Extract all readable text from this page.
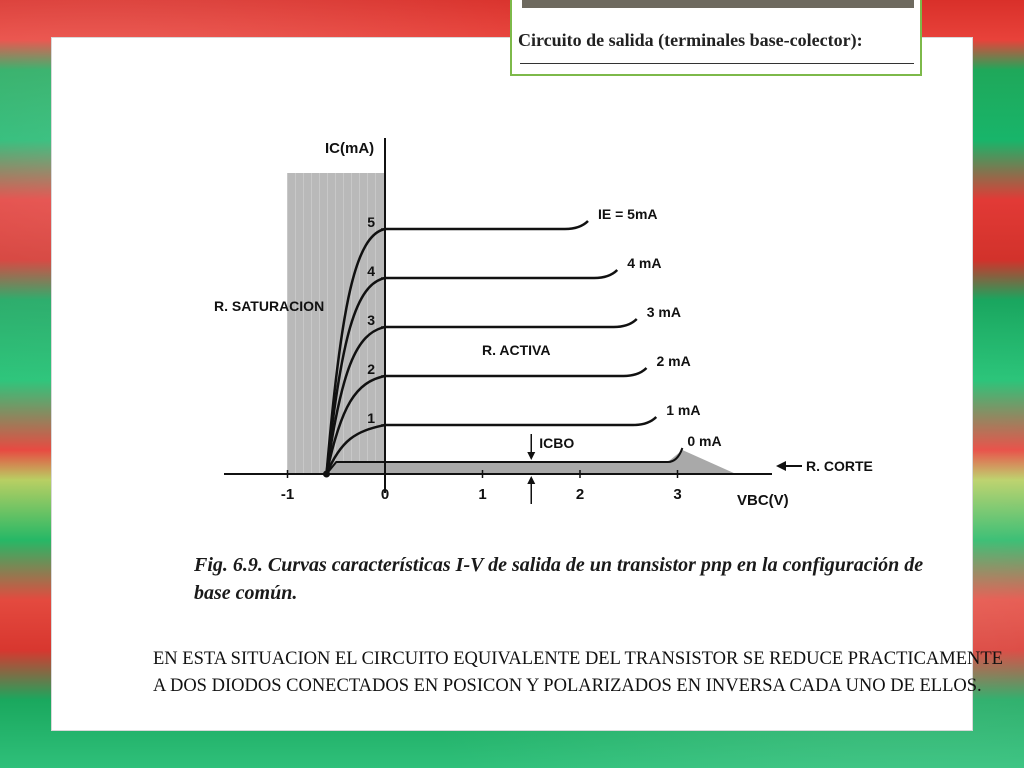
-1	0	1	2	3
1
2
3
4
5
IC(mA)
VBC(V)
IE = 5mA
4 mA
3 mA
2 mA
1 mA
0 mA
R. SATURACION
R. ACTIVA
R. CORTE
ICBO
Fig. 6.9. Curvas características I-V de salida de un transistor pnp en la configuración de base común.
EN ESTA SITUACION EL CIRCUITO EQUIVALENTE DEL TRANSISTOR SE REDUCE PRACTICAMENTE A DOS DIODOS CONECTADOS EN POSICON Y POLARIZADOS EN INVERSA CADA UNO DE ELLOS.
Circuito de salida (terminales base-colector):
